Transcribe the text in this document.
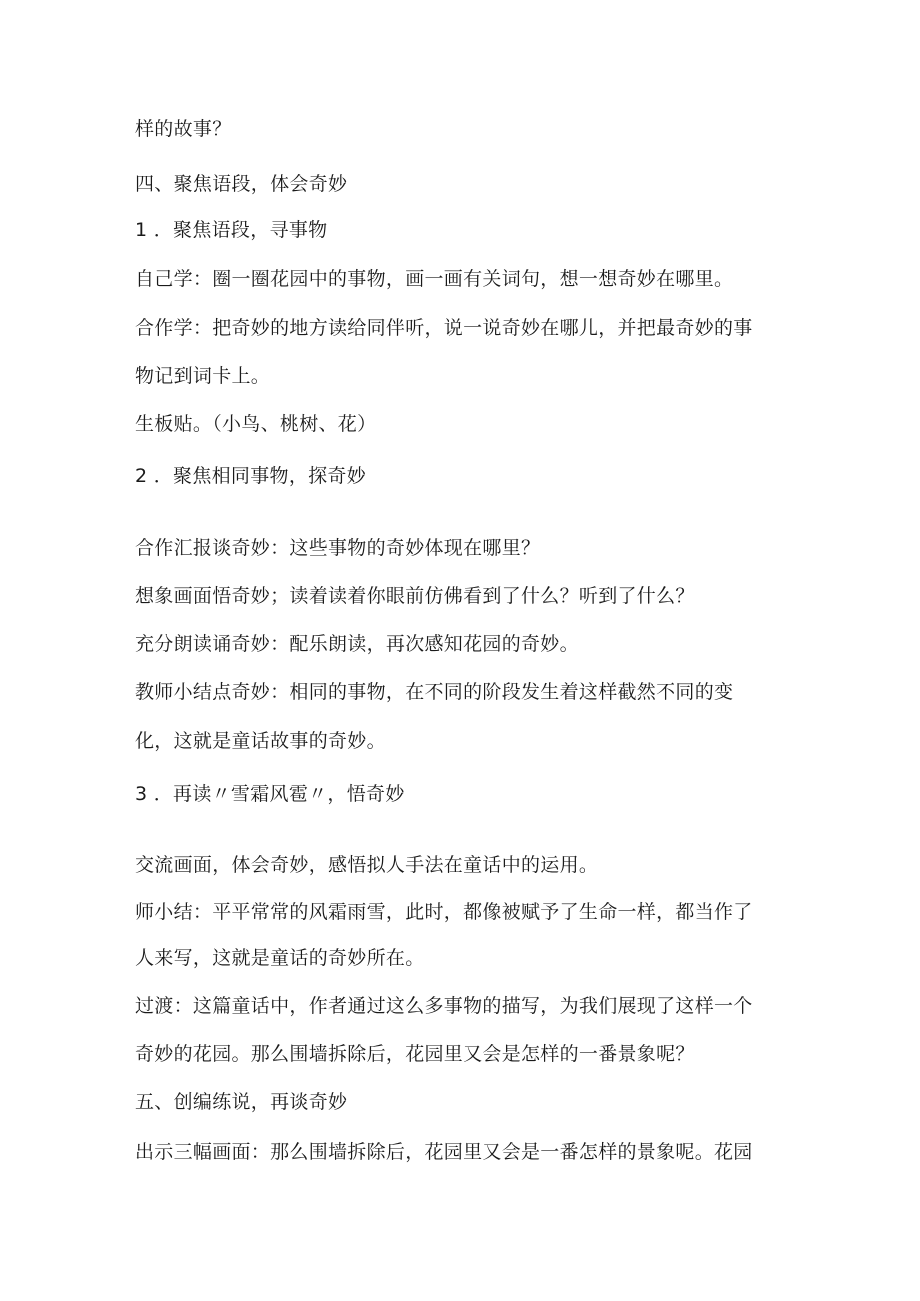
样的故事？
四、聚焦语段，体会奇妙
1 ．聚焦语段，寻事物
自己学：圈一圈花园中的事物，画一画有关词句，想一想奇妙在哪里。
合作学：把奇妙的地方读给同伴听，说一说奇妙在哪儿，并把最奇妙的事
物记到词卡上。
生板贴。（小鸟、桃树、花）
2 ．聚焦相同事物，探奇妙
合作汇报谈奇妙：这些事物的奇妙体现在哪里？
想象画面悟奇妙；读着读着你眼前仿佛看到了什么？听到了什么？
充分朗读诵奇妙：配乐朗读，再次感知花园的奇妙。
教师小结点奇妙：相同的事物，在不同的阶段发生着这样截然不同的变
化，这就是童话故事的奇妙。
3 ．再读〃雪霜风雹〃，悟奇妙
交流画面，体会奇妙，感悟拟人手法在童话中的运用。
师小结：平平常常的风霜雨雪，此时，都像被赋予了生命一样，都当作了
人来写，这就是童话的奇妙所在。
过渡：这篇童话中，作者通过这么多事物的描写，为我们展现了这样一个
奇妙的花园。那么围墙拆除后，花园里又会是怎样的一番景象呢？
五、创编练说，再谈奇妙
出示三幅画面：那么围墙拆除后，花园里又会是一番怎样的景象呢。花园
